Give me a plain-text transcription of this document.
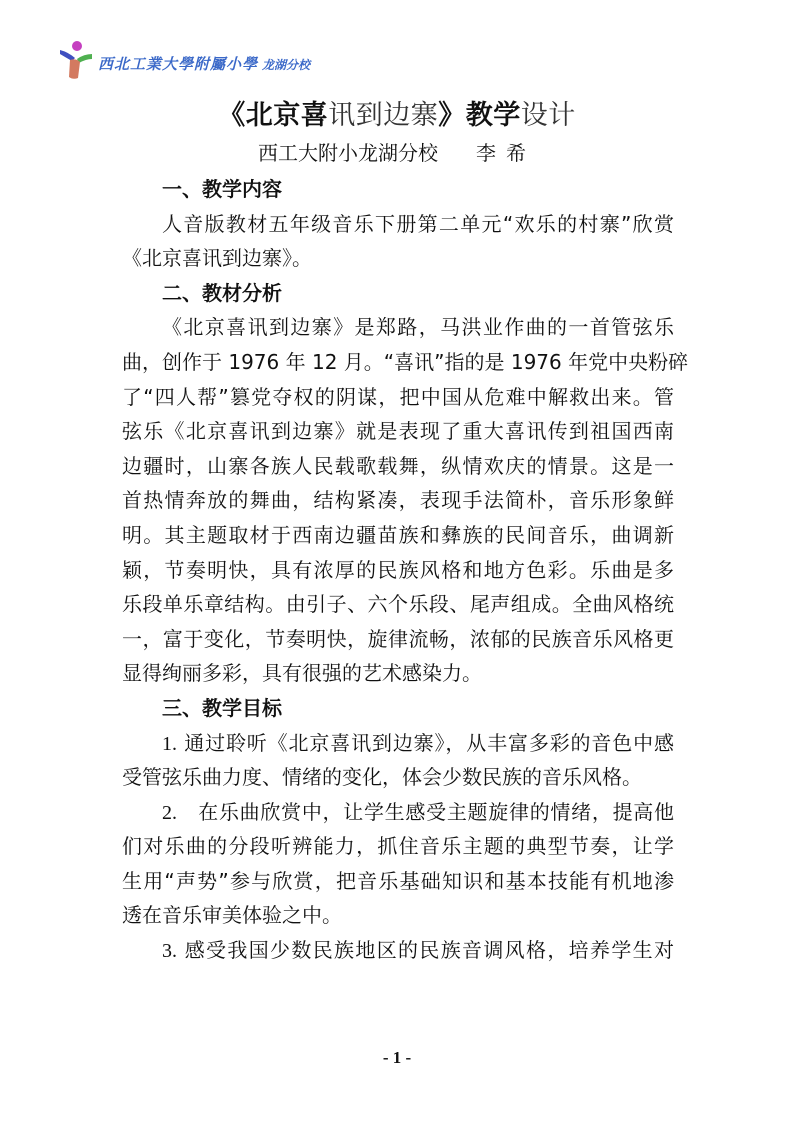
西北工業大學附屬小學 龙湖分校
《北京喜讯到边寨》教学设计
西工大附小龙湖分校 李希
一、教学内容
人音版教材五年级音乐下册第二单元“欢乐的村寨”欣赏
《北京喜讯到边寨》。
二、教材分析
《北京喜讯到边寨》是郑路，马洪业作曲的一首管弦乐
曲，创作于 1976 年 12 月。“喜讯”指的是 1976 年党中央粉碎
了“四人帮”篡党夺权的阴谋，把中国从危难中解救出来。管
弦乐《北京喜讯到边寨》就是表现了重大喜讯传到祖国西南
边疆时，山寨各族人民载歌载舞，纵情欢庆的情景。这是一
首热情奔放的舞曲，结构紧凑，表现手法简朴，音乐形象鲜
明。其主题取材于西南边疆苗族和彝族的民间音乐，曲调新
颖，节奏明快，具有浓厚的民族风格和地方色彩。乐曲是多
乐段单乐章结构。由引子、六个乐段、尾声组成。全曲风格统
一，富于变化，节奏明快，旋律流畅，浓郁的民族音乐风格更
显得绚丽多彩，具有很强的艺术感染力。
三、教学目标
1. 通过聆听《北京喜讯到边寨》，从丰富多彩的音色中感
受管弦乐曲力度、情绪的变化，体会少数民族的音乐风格。
2. 在乐曲欣赏中，让学生感受主题旋律的情绪，提高他
们对乐曲的分段听辨能力，抓住音乐主题的典型节奏，让学
生用“声势”参与欣赏，把音乐基础知识和基本技能有机地渗
透在音乐审美体验之中。
3. 感受我国少数民族地区的民族音调风格，培养学生对
- 1 -
